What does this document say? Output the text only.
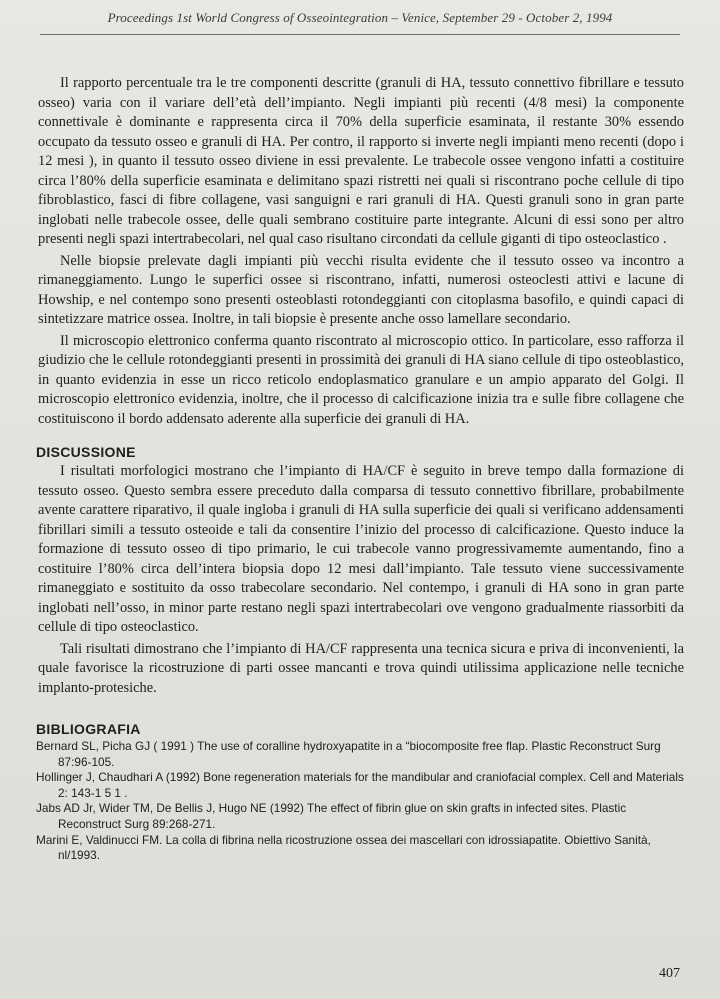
Proceedings 1st World Congress of Osseointegration – Venice, September 29 - October 2, 1994

Il rapporto percentuale tra le tre componenti descritte (granuli di HA, tessuto connettivo fibrillare e tessuto osseo) varia con il variare dell’età dell’impianto. Negli impianti più recenti (4/8 mesi) la componente connettivale è dominante e rappresenta circa il 70% della superficie esaminata, il restante 30% essendo occupato da tessuto osseo e granuli di HA. Per contro, il rapporto si inverte negli impianti meno recenti (dopo i 12 mesi ), in quanto il tessuto osseo diviene in essi prevalente. Le trabecole ossee vengono infatti a costituire circa l’80% della superficie esaminata e delimitano spazi ristretti nei quali si riscontrano poche cellule di tipo fibroblastico, fasci di fibre collagene, vasi sanguigni e rari granuli di HA. Questi granuli sono in gran parte inglobati nelle trabecole ossee, delle quali sembrano costituire parte integrante. Alcuni di essi sono per altro presenti negli spazi intertrabecolari, nel qual caso risultano circondati da cellule giganti di tipo osteoclastico .

Nelle biopsie prelevate dagli impianti più vecchi risulta evidente che il tessuto osseo va incontro a rimaneggiamento. Lungo le superfici ossee si riscontrano, infatti, numerosi osteoclesti attivi e lacune di Howship, e nel contempo sono presenti osteoblasti rotondeggianti con citoplasma basofilo, e quindi capaci di sintetizzare matrice ossea. Inoltre, in tali biopsie è presente anche osso lamellare secondario.

Il microscopio elettronico conferma quanto riscontrato al microscopio ottico. In particolare, esso rafforza il giudizio che le cellule rotondeggianti presenti in prossimità dei granuli di HA siano cellule di tipo osteoblastico, in quanto evidenzia in esse un ricco reticolo endoplasmatico granulare e un ampio apparato del Golgi. Il microscopio elettronico evidenzia, inoltre, che il processo di calcificazione inizia tra e sulle fibre collagene che costituiscono il bordo addensato aderente alla superficie dei granuli di HA.

DISCUSSIONE

I risultati morfologici mostrano che l’impianto di HA/CF è seguito in breve tempo dalla formazione di tessuto osseo. Questo sembra essere preceduto dalla comparsa di tessuto connettivo fibrillare, probabilmente avente carattere riparativo, il quale ingloba i granuli di HA sulla superficie dei quali si verificano addensamenti fibrillari simili a tessuto osteoide e tali da consentire l’inizio del processo di calcificazione. Questo induce la formazione di tessuto osseo di tipo primario, le cui trabecole vanno progressivamemte aumentando, fino a costituire l’80% circa dell’intera biopsia dopo 12 mesi dall’impianto. Tale tessuto viene successivamente rimaneggiato e sostituito da osso trabecolare secondario. Nel contempo, i granuli di HA sono in gran parte inglobati nell’osso, in minor parte restano negli spazi intertrabecolari ove vengono gradualmente riassorbiti da cellule di tipo osteoclastico.

Tali risultati dimostrano che l’impianto di HA/CF rappresenta una tecnica sicura e priva di inconvenienti, la quale favorisce la ricostruzione di parti ossee mancanti e trova quindi utilissima applicazione nelle tecniche implanto-protesiche.

BIBLIOGRAFIA
Bernard SL, Picha GJ ( 1991 ) The use of coralline hydroxyapatite in a “biocomposite free flap. Plastic Reconstruct Surg 87:96-105.
Hollinger J, Chaudhari A (1992) Bone regeneration materials for the mandibular and craniofacial complex. Cell and Materials 2: 143-1 5 1 .
Jabs AD Jr, Wider TM, De Bellis J, Hugo NE (1992) The effect of fibrin glue on skin grafts in infected sites. Plastic Reconstruct Surg 89:268-271.
Marini E, Valdinucci FM. La colla di fibrina nella ricostruzione ossea dei mascellari con idrossiapatite. Obiettivo Sanità, nl/1993.
407
